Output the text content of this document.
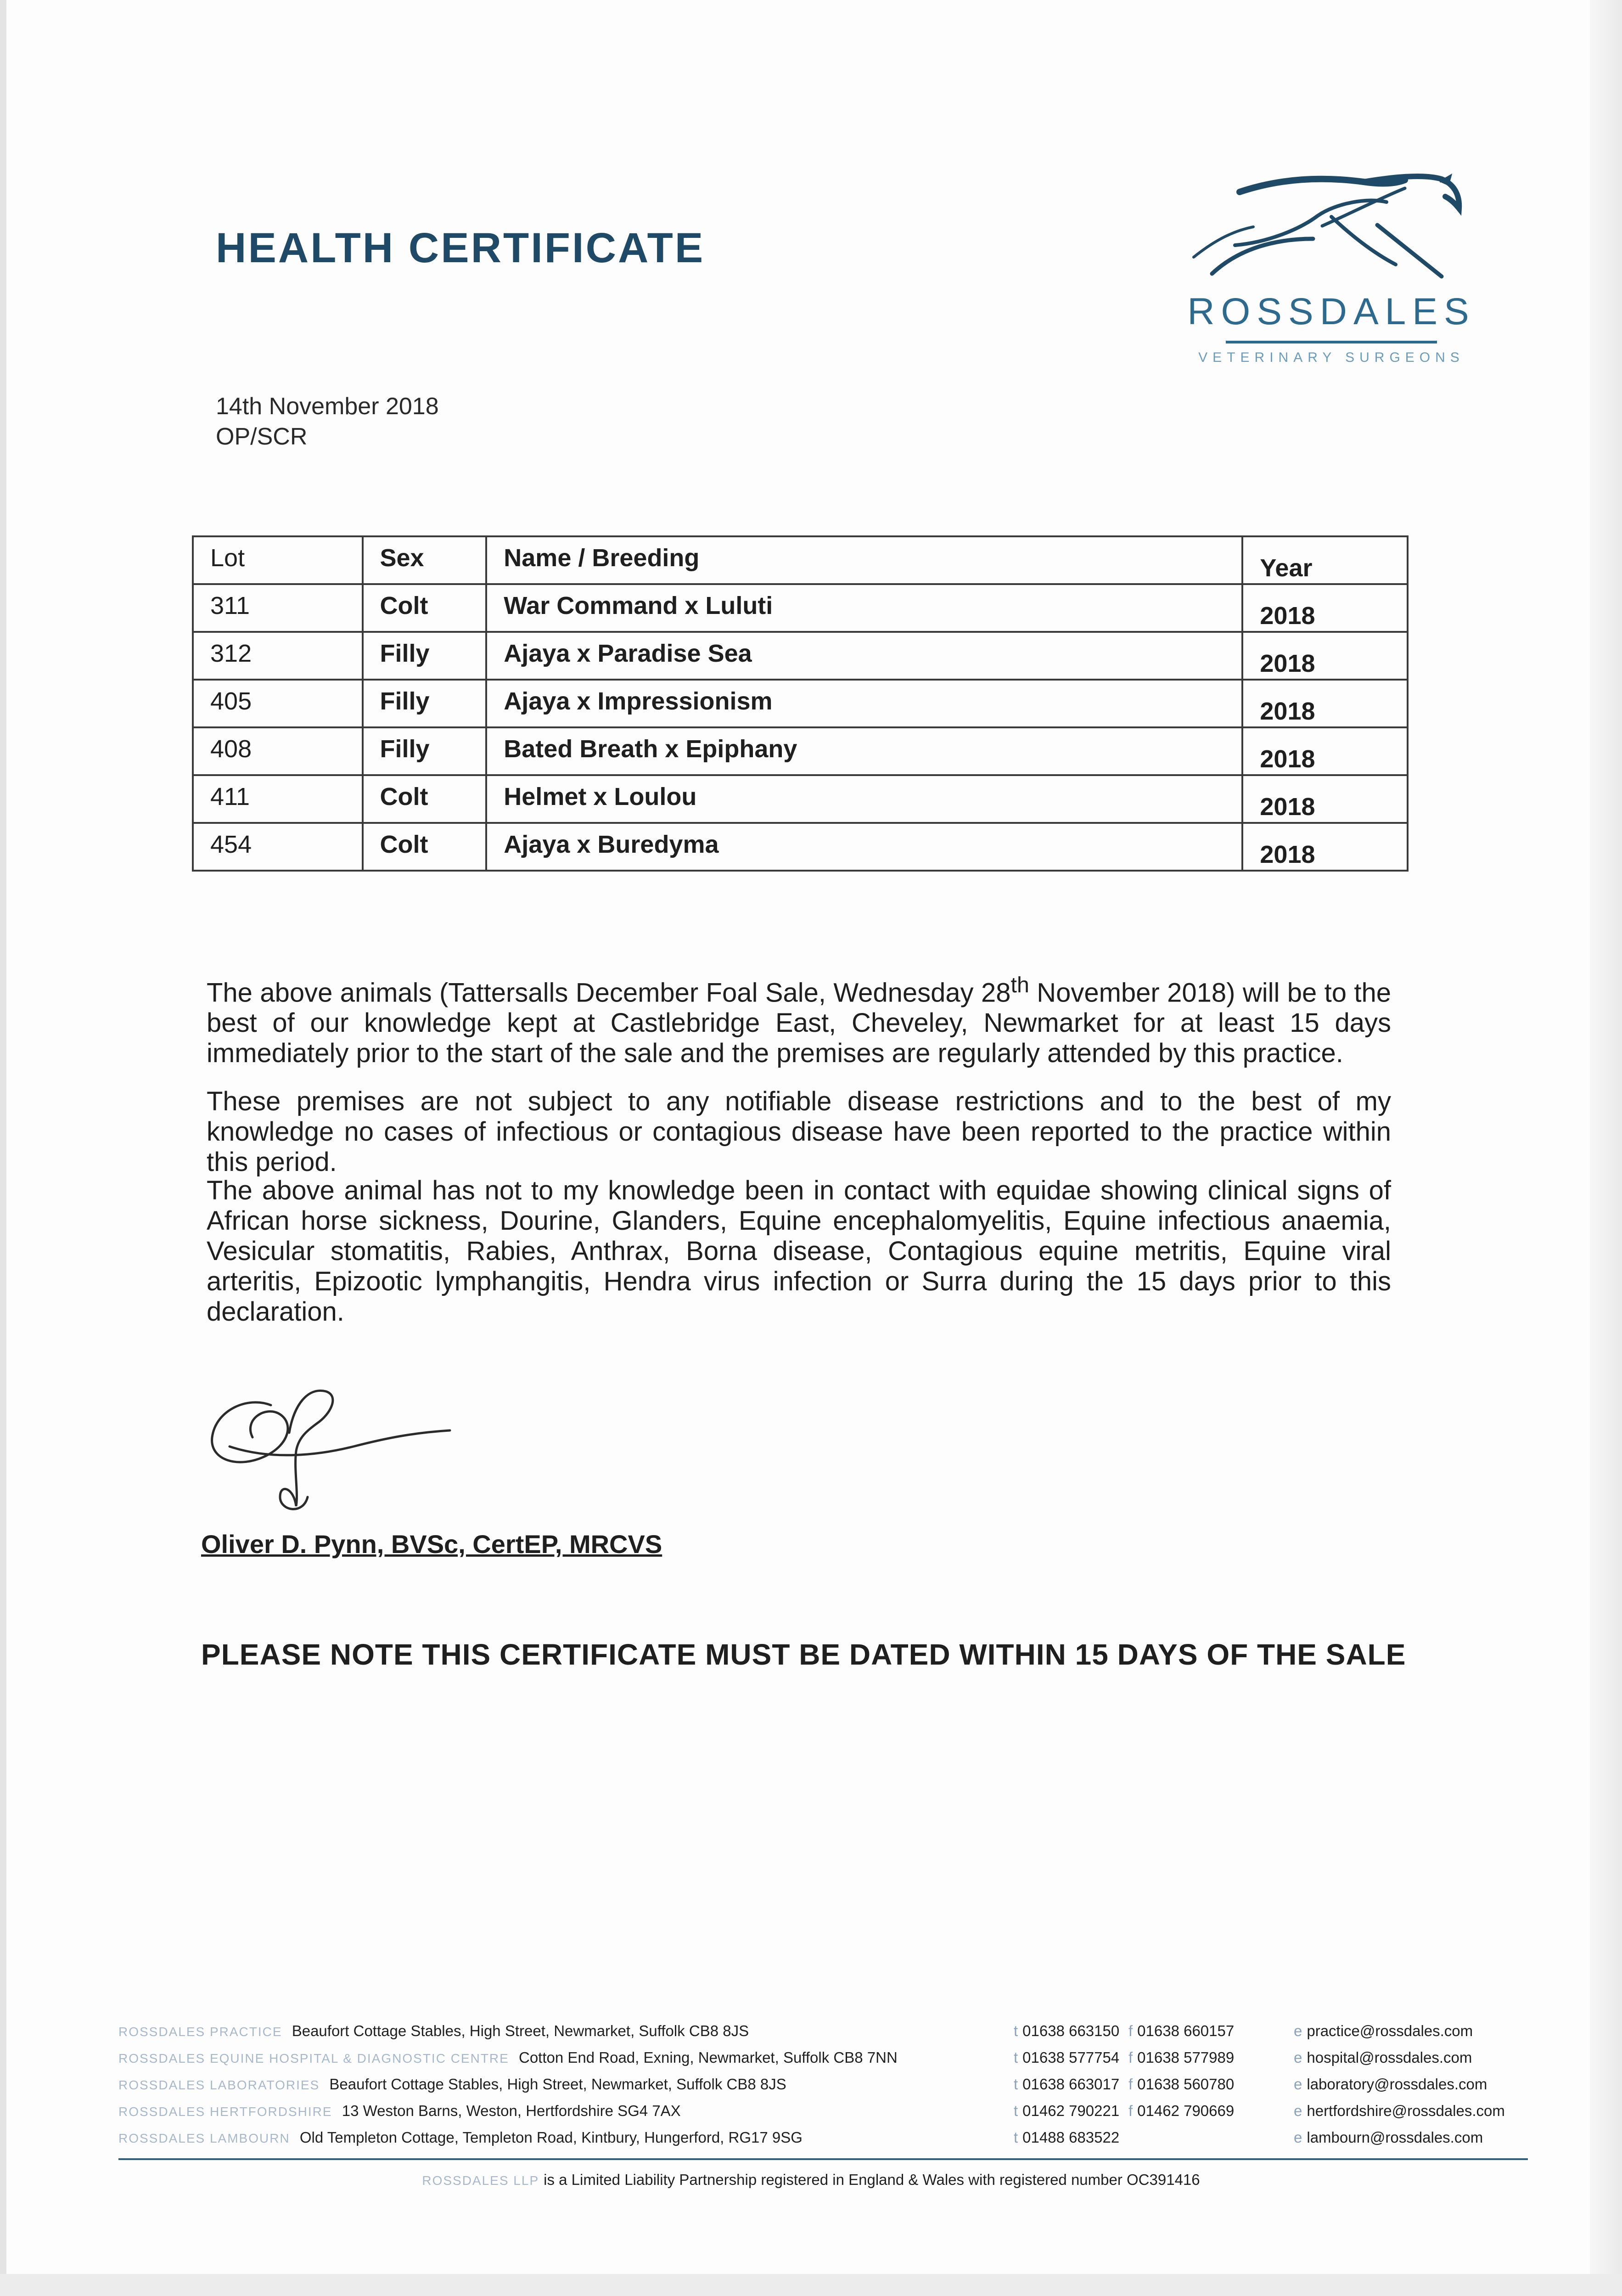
HEALTH CERTIFICATE
ROSSDALES
VETERINARY SURGEONS
14th November 2018
OP/SCR
Lot	Sex	Name / Breeding	Year
311	Colt	War Command x Luluti	2018
312	Filly	Ajaya x Paradise Sea	2018
405	Filly	Ajaya x Impressionism	2018
408	Filly	Bated Breath x Epiphany	2018
411	Colt	Helmet x Loulou	2018
454	Colt	Ajaya x Buredyma	2018

The above animals (Tattersalls December Foal Sale, Wednesday 28th November 2018) will be to the best of our knowledge kept at Castlebridge East, Cheveley, Newmarket for at least 15 days immediately prior to the start of the sale and the premises are regularly attended by this practice.

These premises are not subject to any notifiable disease restrictions and to the best of my knowledge no cases of infectious or contagious disease have been reported to the practice within this period.

The above animal has not to my knowledge been in contact with equidae showing clinical signs of African horse sickness, Dourine, Glanders, Equine encephalomyelitis, Equine infectious anaemia, Vesicular stomatitis, Rabies, Anthrax, Borna disease, Contagious equine metritis, Equine viral arteritis, Epizootic lymphangitis, Hendra virus infection or Surra during the 15 days prior to this declaration.

Oliver D. Pynn, BVSc, CertEP, MRCVS
PLEASE NOTE THIS CERTIFICATE MUST BE DATED WITHIN 15 DAYS OF THE SALE
ROSSDALES PRACTICE Beaufort Cottage Stables, High Street, Newmarket, Suffolk CB8 8JS	t 01638 663150 f 01638 660157	e practice@rossdales.com
ROSSDALES EQUINE HOSPITAL & DIAGNOSTIC CENTRE Cotton End Road, Exning, Newmarket, Suffolk CB8 7NN	t 01638 577754 f 01638 577989	e hospital@rossdales.com
ROSSDALES LABORATORIES Beaufort Cottage Stables, High Street, Newmarket, Suffolk CB8 8JS	t 01638 663017 f 01638 560780	e laboratory@rossdales.com
ROSSDALES HERTFORDSHIRE 13 Weston Barns, Weston, Hertfordshire SG4 7AX	t 01462 790221 f 01462 790669	e hertfordshire@rossdales.com
ROSSDALES LAMBOURN Old Templeton Cottage, Templeton Road, Kintbury, Hungerford, RG17 9SG	t 01488 683522	e lambourn@rossdales.com
ROSSDALES LLP is a Limited Liability Partnership registered in England & Wales with registered number OC391416
